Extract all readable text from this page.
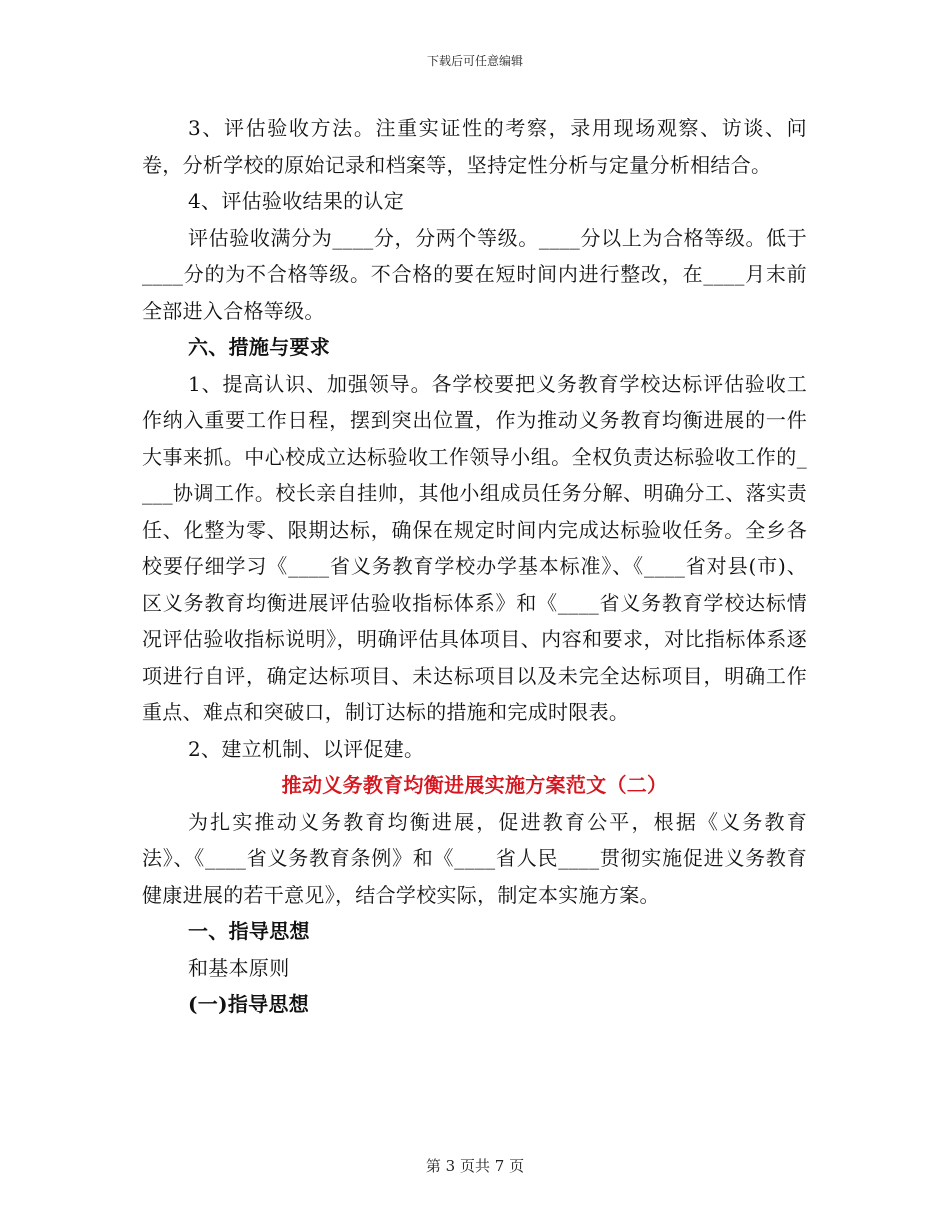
下载后可任意编辑

3、评估验收方法。注重实证性的考察，录用现场观察、访谈、问卷，分析学校的原始记录和档案等，坚持定性分析与定量分析相结合。

4、评估验收结果的认定

评估验收满分为____分，分两个等级。____分以上为合格等级。低于____分的为不合格等级。不合格的要在短时间内进行整改，在____月末前全部进入合格等级。

六、措施与要求

1、提高认识、加强领导。各学校要把义务教育学校达标评估验收工作纳入重要工作日程，摆到突出位置，作为推动义务教育均衡进展的一件大事来抓。中心校成立达标验收工作领导小组。全权负责达标验收工作的____协调工作。校长亲自挂帅，其他小组成员任务分解、明确分工、落实责任、化整为零、限期达标，确保在规定时间内完成达标验收任务。全乡各校要仔细学习《____省义务教育学校办学基本标准》、《____省对县(市)、区义务教育均衡进展评估验收指标体系》和《____省义务教育学校达标情况评估验收指标说明》，明确评估具体项目、内容和要求，对比指标体系逐项进行自评，确定达标项目、未达标项目以及未完全达标项目，明确工作重点、难点和突破口，制订达标的措施和完成时限表。

2、建立机制、以评促建。

推动义务教育均衡进展实施方案范文（二）

为扎实推动义务教育均衡进展，促进教育公平，根据《义务教育法》、《____省义务教育条例》和《____省人民____贯彻实施促进义务教育健康进展的若干意见》，结合学校实际，制定本实施方案。

一、指导思想

和基本原则

(一)指导思想

第 3 页共 7 页
